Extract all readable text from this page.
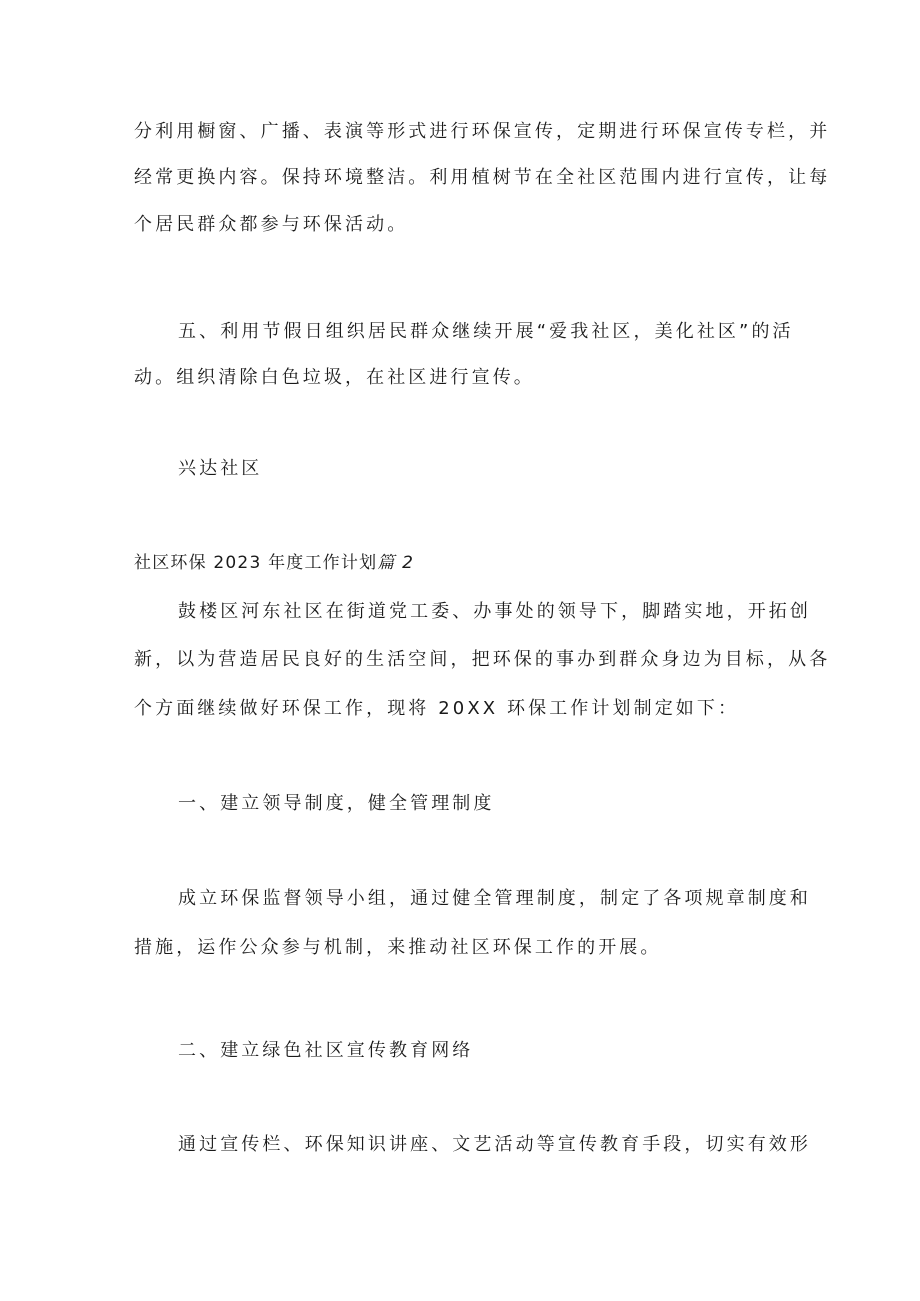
分利用橱窗、广播、表演等形式进行环保宣传，定期进行环保宣传专栏，并
经常更换内容。保持环境整洁。利用植树节在全社区范围内进行宣传，让每
个居民群众都参与环保活动。
五、利用节假日组织居民群众继续开展“爱我社区，美化社区”的活
动。组织清除白色垃圾，在社区进行宣传。
兴达社区
社区环保 2023 年度工作计划篇 2
鼓楼区河东社区在街道党工委、办事处的领导下，脚踏实地，开拓创
新，以为营造居民良好的生活空间，把环保的事办到群众身边为目标，从各
个方面继续做好环保工作，现将 20XX 环保工作计划制定如下：
一、建立领导制度，健全管理制度
成立环保监督领导小组，通过健全管理制度，制定了各项规章制度和
措施，运作公众参与机制，来推动社区环保工作的开展。
二、建立绿色社区宣传教育网络
通过宣传栏、环保知识讲座、文艺活动等宣传教育手段，切实有效形
